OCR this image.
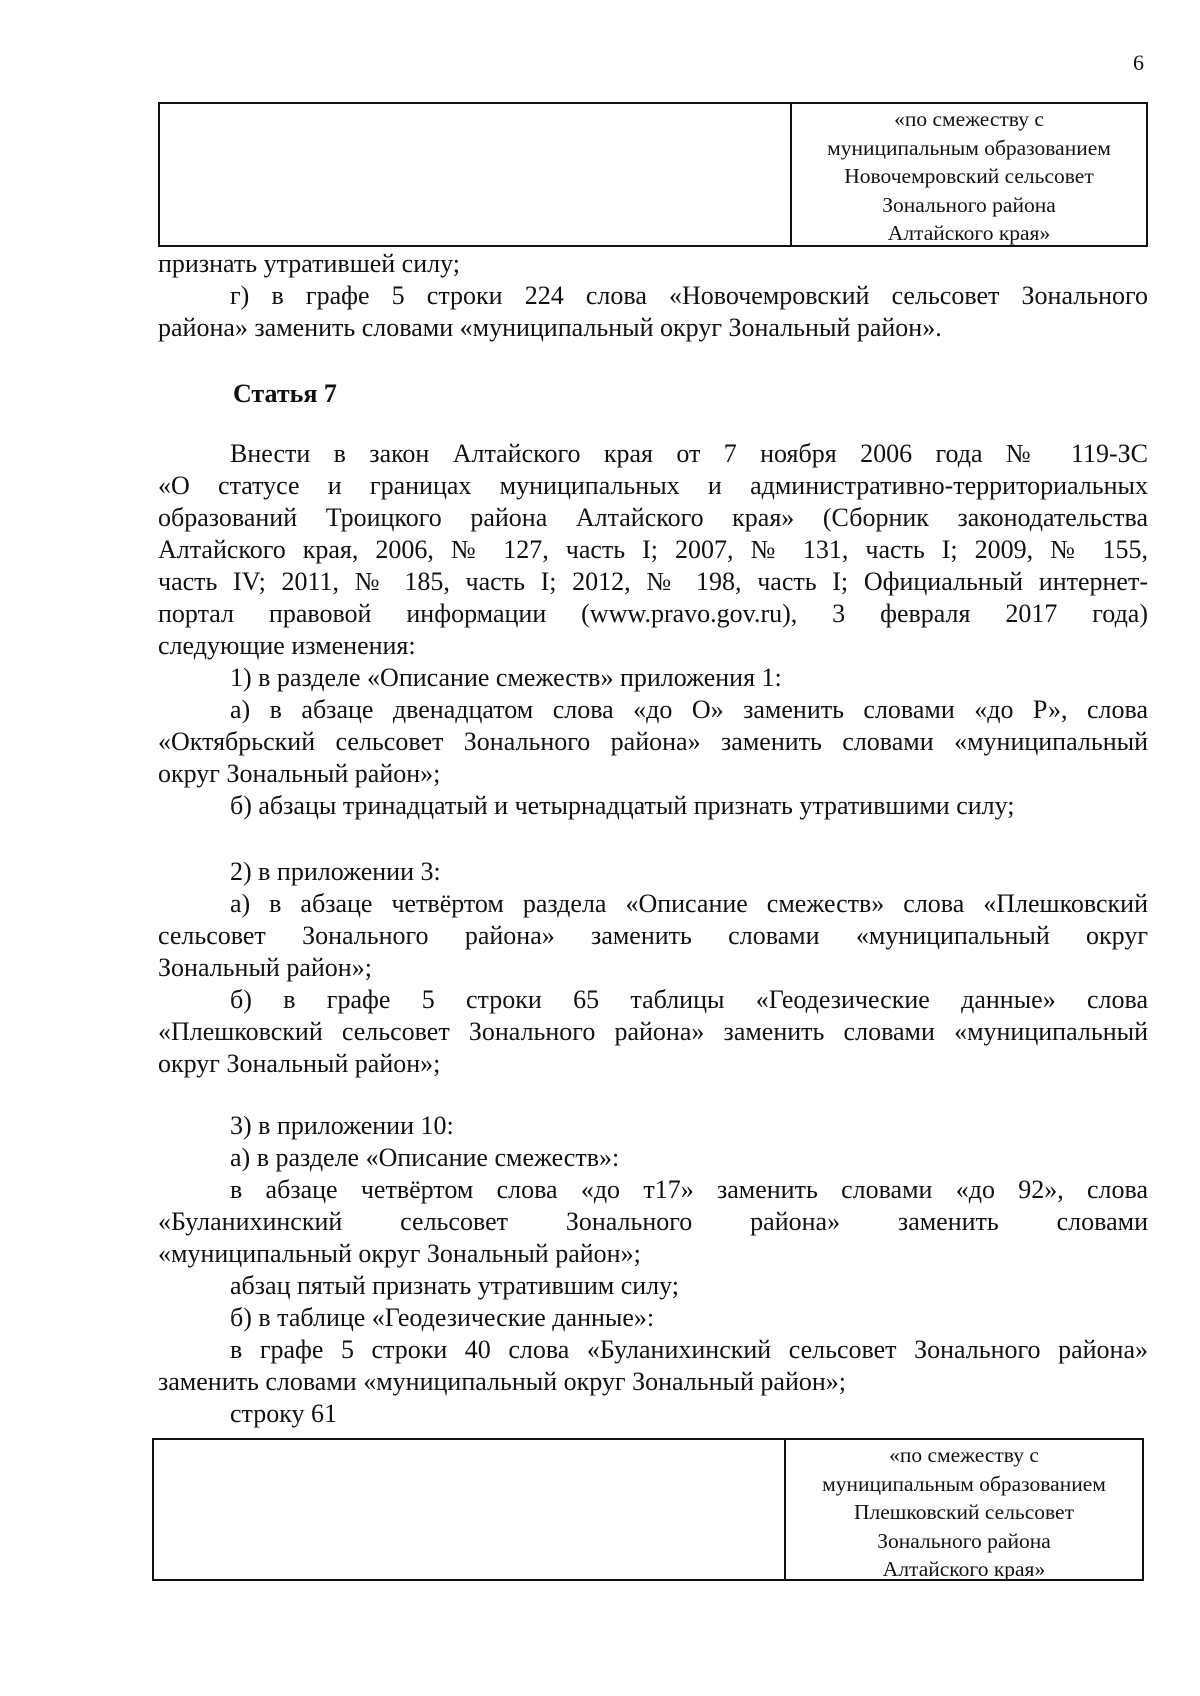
6
«по смежеству с
муниципальным образованием
Новочемровский сельсовет
Зонального района
Алтайского края»
признать утратившей силу;
г) в графе 5 строки 224 слова «Новочемровский сельсовет Зонального
района» заменить словами «муниципальный округ Зональный район».
Статья 7
Внести в закон Алтайского края от 7 ноября 2006 года № 119-ЗС
«О статусе и границах муниципальных и административно-территориальных
образований Троицкого района Алтайского края» (Сборник законодательства
Алтайского края, 2006, № 127, часть I; 2007, № 131, часть I; 2009, № 155,
часть IV; 2011, № 185, часть I; 2012, № 198, часть I; Официальный интернет-
портал правовой информации (www.pravo.gov.ru), 3 февраля 2017 года)
следующие изменения:
1) в разделе «Описание смежеств» приложения 1:
а) в абзаце двенадцатом слова «до О» заменить словами «до Р», слова
«Октябрьский сельсовет Зонального района» заменить словами «муниципальный
округ Зональный район»;
б) абзацы тринадцатый и четырнадцатый признать утратившими силу;
2) в приложении 3:
а) в абзаце четвёртом раздела «Описание смежеств» слова «Плешковский
сельсовет Зонального района» заменить словами «муниципальный округ
Зональный район»;
б) в графе 5 строки 65 таблицы «Геодезические данные» слова
«Плешковский сельсовет Зонального района» заменить словами «муниципальный
округ Зональный район»;
3) в приложении 10:
а) в разделе «Описание смежеств»:
в абзаце четвёртом слова «до т17» заменить словами «до 92», слова
«Буланихинский сельсовет Зонального района» заменить словами
«муниципальный округ Зональный район»;
абзац пятый признать утратившим силу;
б) в таблице «Геодезические данные»:
в графе 5 строки 40 слова «Буланихинский сельсовет Зонального района»
заменить словами «муниципальный округ Зональный район»;
строку 61
«по смежеству с
муниципальным образованием
Плешковский сельсовет
Зонального района
Алтайского края»
